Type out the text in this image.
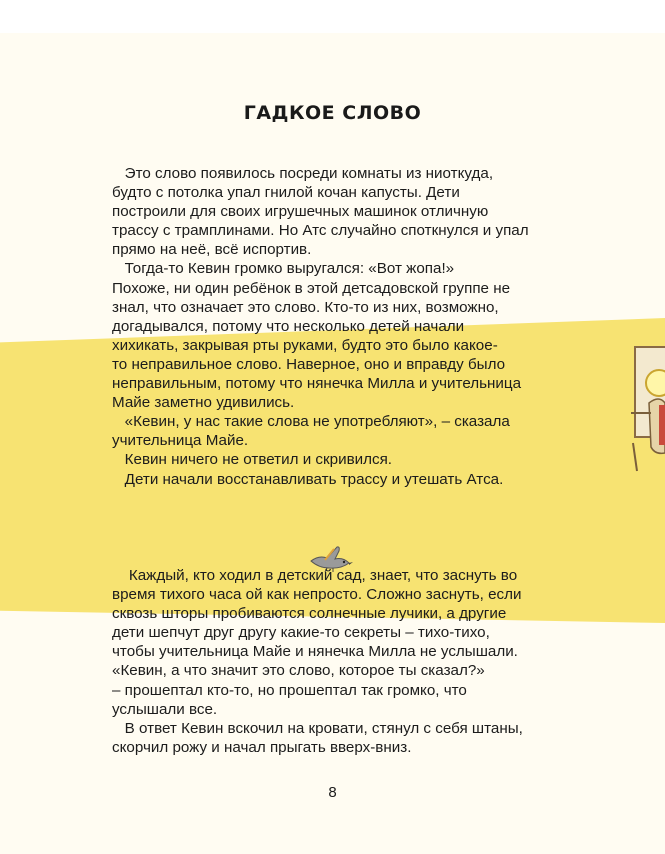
ГАДКОЕ СЛОВО
Это слово появилось посреди комнаты из ниоткуда,
будто с потолка упал гнилой кочан капусты. Дети
построили для своих игрушечных машинок отличную
трассу с трамплинами. Но Атс случайно споткнулся и упал
прямо на неё, всё испортив.
Тогда-то Кевин громко выругался: «Вот жопа!»
Похоже, ни один ребёнок в этой детсадовской группе не
знал, что означает это слово. Кто-то из них, возможно,
догадывался, потому что несколько детей начали
хихикать, закрывая рты руками, будто это было какое-
то неправильное слово. Наверное, оно и вправду было
неправильным, потому что нянечка Милла и учительница
Майе заметно удивились.
«Кевин, у нас такие слова не употребляют», – сказала
учительница Майе.
Кевин ничего не ответил и скривился.
Дети начали восстанавливать трассу и утешать Атса.
Каждый, кто ходил в детский сад, знает, что заснуть во
время тихого часа ой как непросто. Сложно заснуть, если
сквозь шторы пробиваются солнечные лучики, а другие
дети шепчут друг другу какие-то секреты – тихо-тихо,
чтобы учительница Майе и нянечка Милла не услышали.
«Кевин, а что значит это слово, которое ты сказал?»
– прошептал кто-то, но прошептал так громко, что
услышали все.
В ответ Кевин вскочил на кровати, стянул с себя штаны,
скорчил рожу и начал прыгать вверх-вниз.
8
